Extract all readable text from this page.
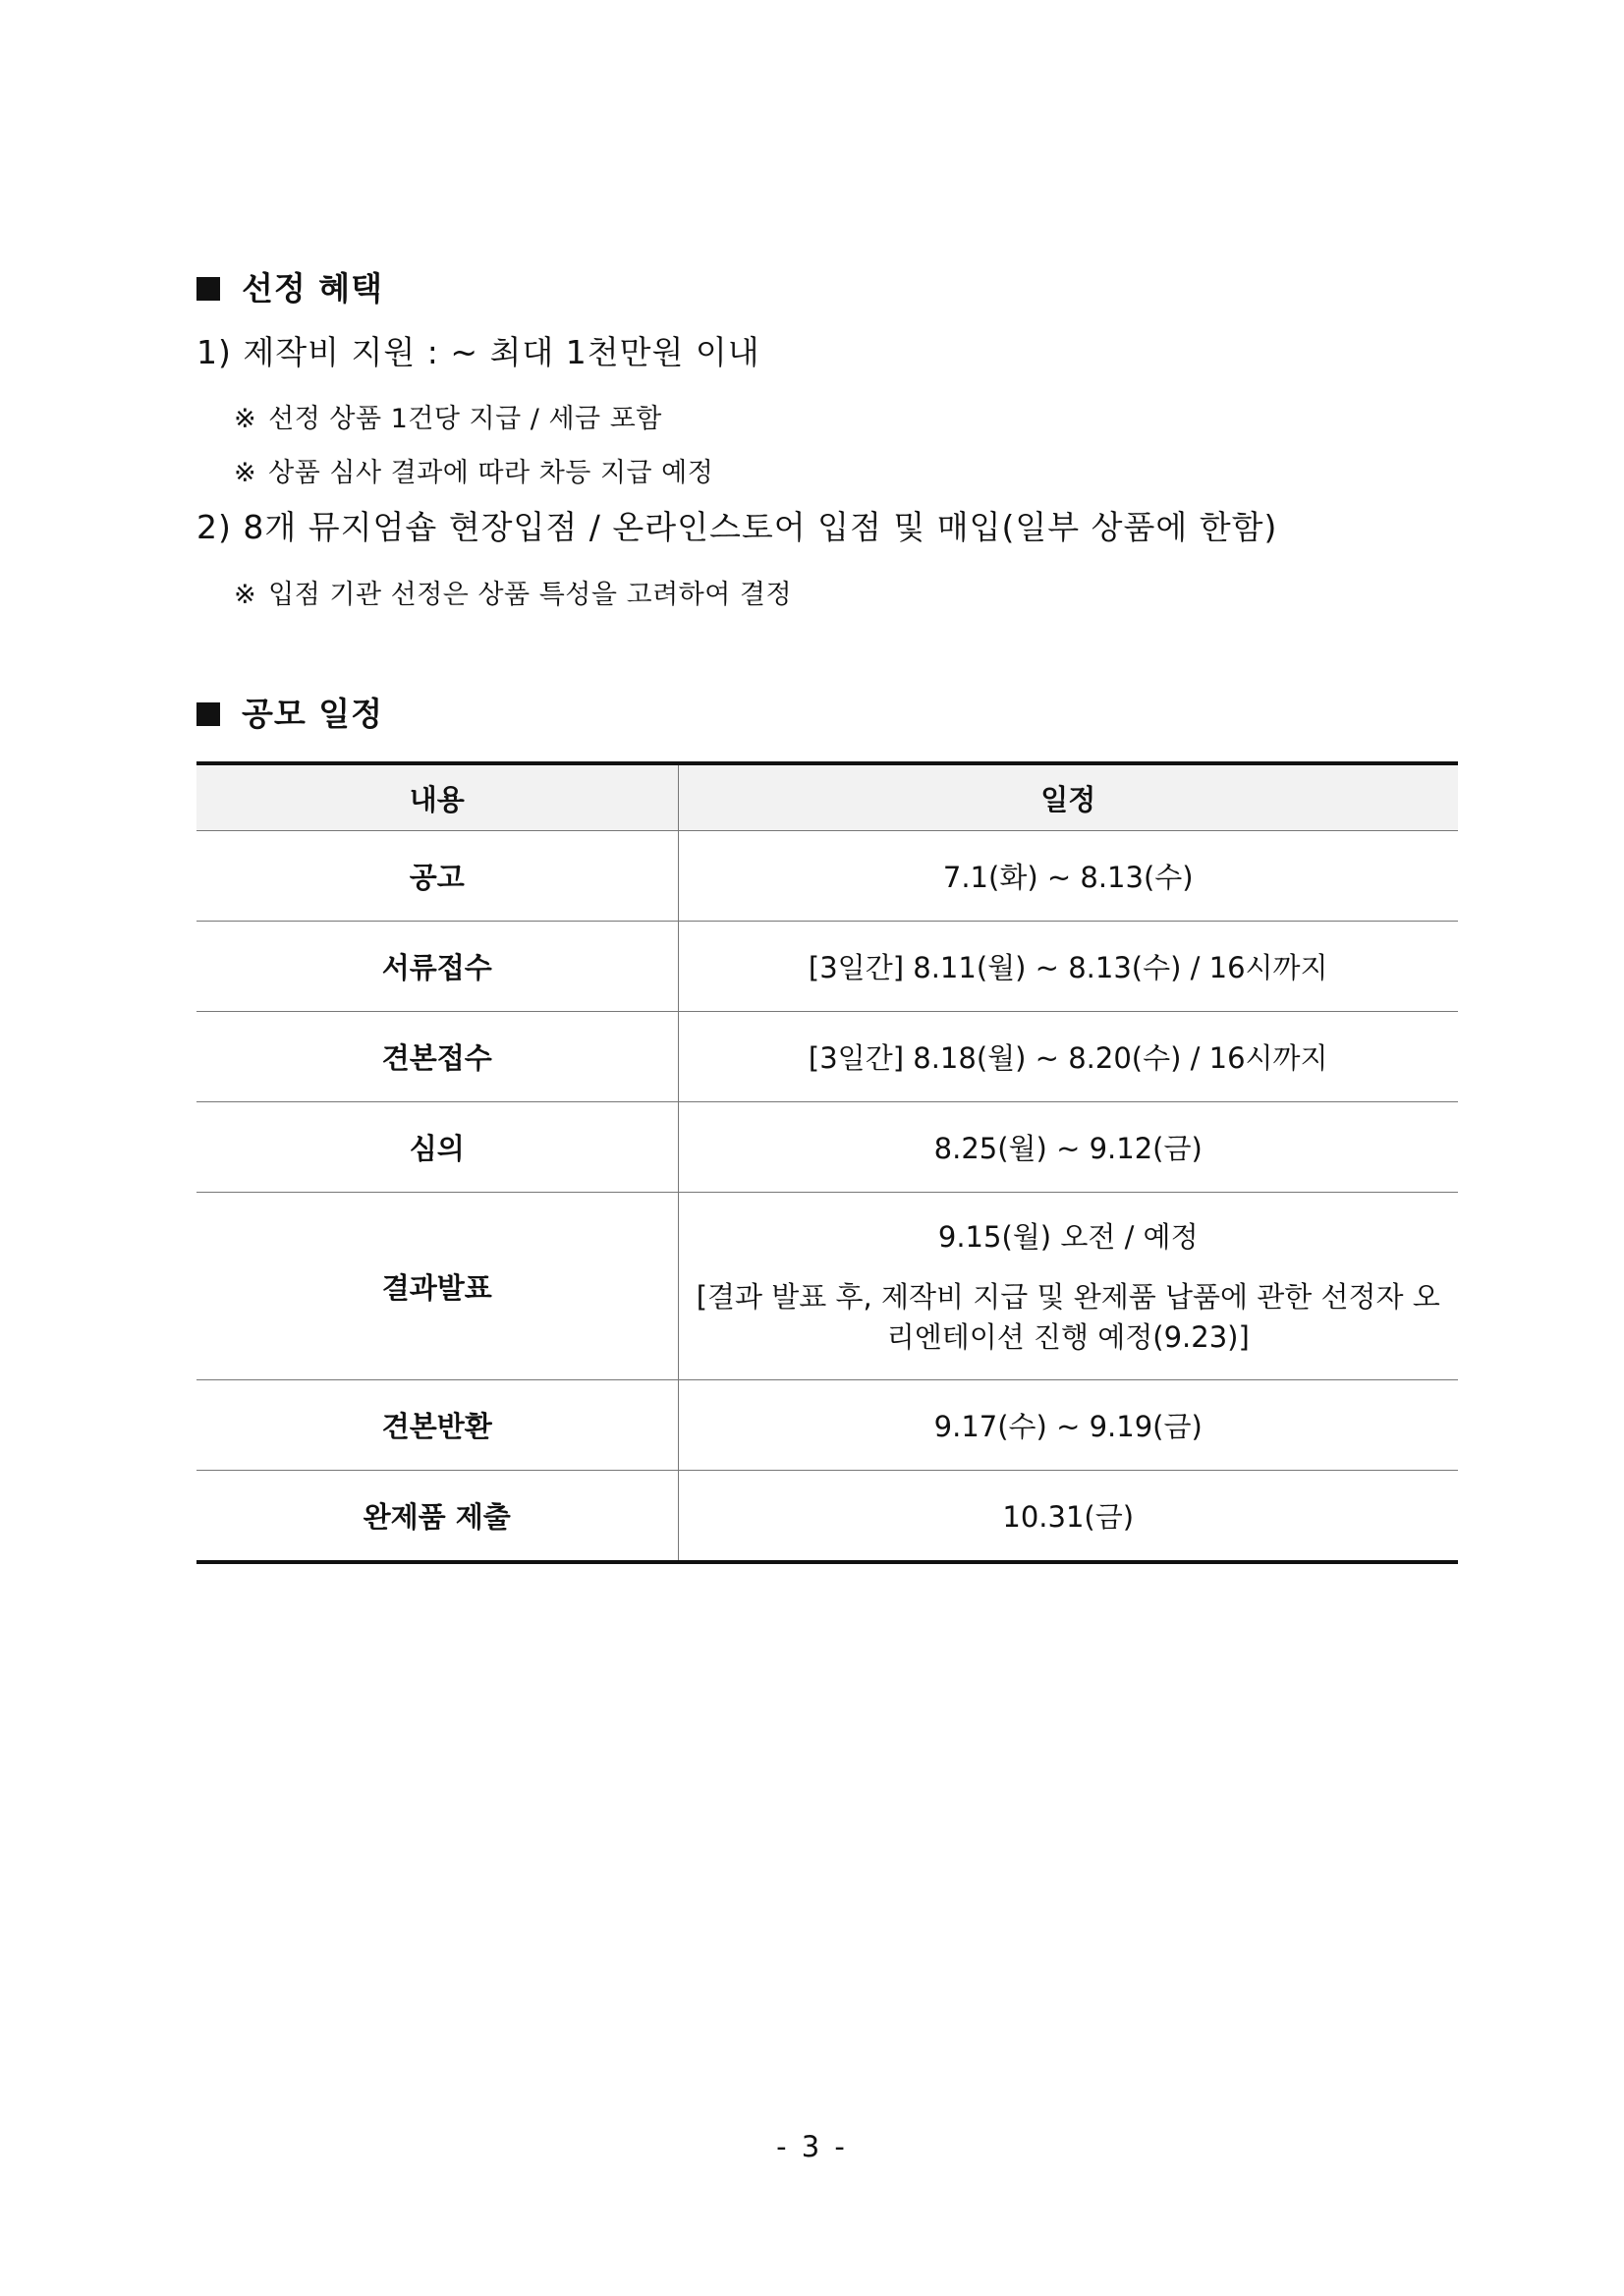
선정 혜택
1) 제작비 지원 : ~ 최대 1천만원 이내
※ 선정 상품 1건당 지급 / 세금 포함
※ 상품 심사 결과에 따라 차등 지급 예정
2) 8개 뮤지엄숍 현장입점 / 온라인스토어 입점 및 매입(일부 상품에 한함)
※ 입점 기관 선정은 상품 특성을 고려하여 결정
공모 일정
내용	일정
공고	7.1(화) ~ 8.13(수)
서류접수	[3일간] 8.11(월) ~ 8.13(수) / 16시까지
견본접수	[3일간] 8.18(월) ~ 8.20(수) / 16시까지
심의	8.25(월) ~ 9.12(금)
결과발표	9.15(월) 오전 / 예정
[결과 발표 후, 제작비 지급 및 완제품 납품에 관한 선정자 오리엔테이션 진행 예정(9.23)]

견본반환	9.17(수) ~ 9.19(금)
완제품 제출	10.31(금)
- 3 -
